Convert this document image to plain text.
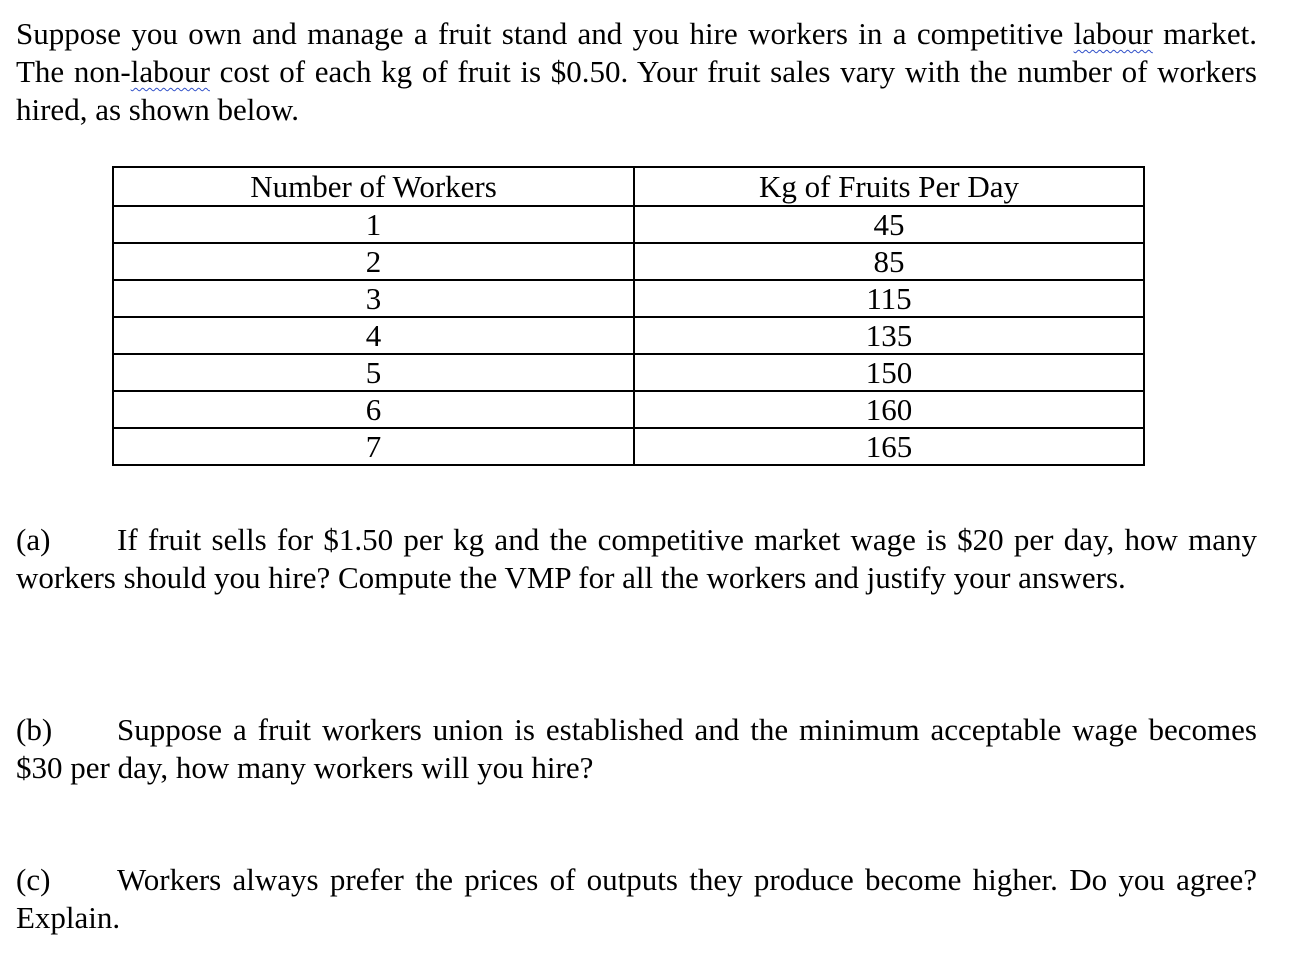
Suppose you own and manage a fruit stand and you hire workers in a competitive labour market. The non-labour cost of each kg of fruit is $0.50. Your fruit sales vary with the number of workers hired, as shown below.

Number of Workers	Kg of Fruits Per Day
1	45
2	85
3	115
4	135
5	150
6	160
7	165

(a) If fruit sells for $1.50 per kg and the competitive market wage is $20 per day, how many workers should you hire? Compute the VMP for all the workers and justify your answers.

(b) Suppose a fruit workers union is established and the minimum acceptable wage becomes $30 per day, how many workers will you hire?

(c) Workers always prefer the prices of outputs they produce become higher. Do you agree? Explain.
